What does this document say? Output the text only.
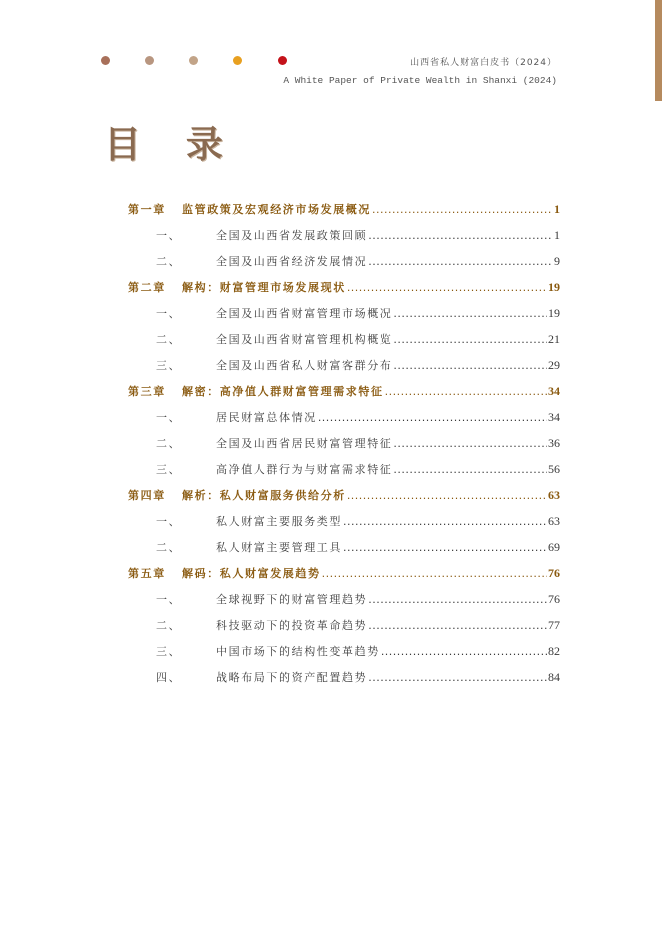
山西省私人财富白皮书（2024）
A White Paper of Private Wealth in Shanxi (2024)
目 录
第一章	监管政策及宏观经济市场发展概况 .....	1
一、	全国及山西省发展政策回顾 .....	1
二、	全国及山西省经济发展情况 .....	9
第二章	解构：财富管理市场发展现状 .....	19
一、	全国及山西省财富管理市场概况 .....	19
二、	全国及山西省财富管理机构概览 .....	21
三、	全国及山西省私人财富客群分布 .....	29
第三章	解密：高净值人群财富管理需求特征 .....	34
一、	居民财富总体情况 .....	34
二、	全国及山西省居民财富管理特征 .....	36
三、	高净值人群行为与财富需求特征 .....	56
第四章	解析：私人财富服务供给分析 .....	63
一、	私人财富主要服务类型 .....	63
二、	私人财富主要管理工具 .....	69
第五章	解码：私人财富发展趋势 .....	76
一、	全球视野下的财富管理趋势 .....	76
二、	科技驱动下的投资革命趋势 .....	77
三、	中国市场下的结构性变革趋势 .....	82
四、	战略布局下的资产配置趋势 .....	84
